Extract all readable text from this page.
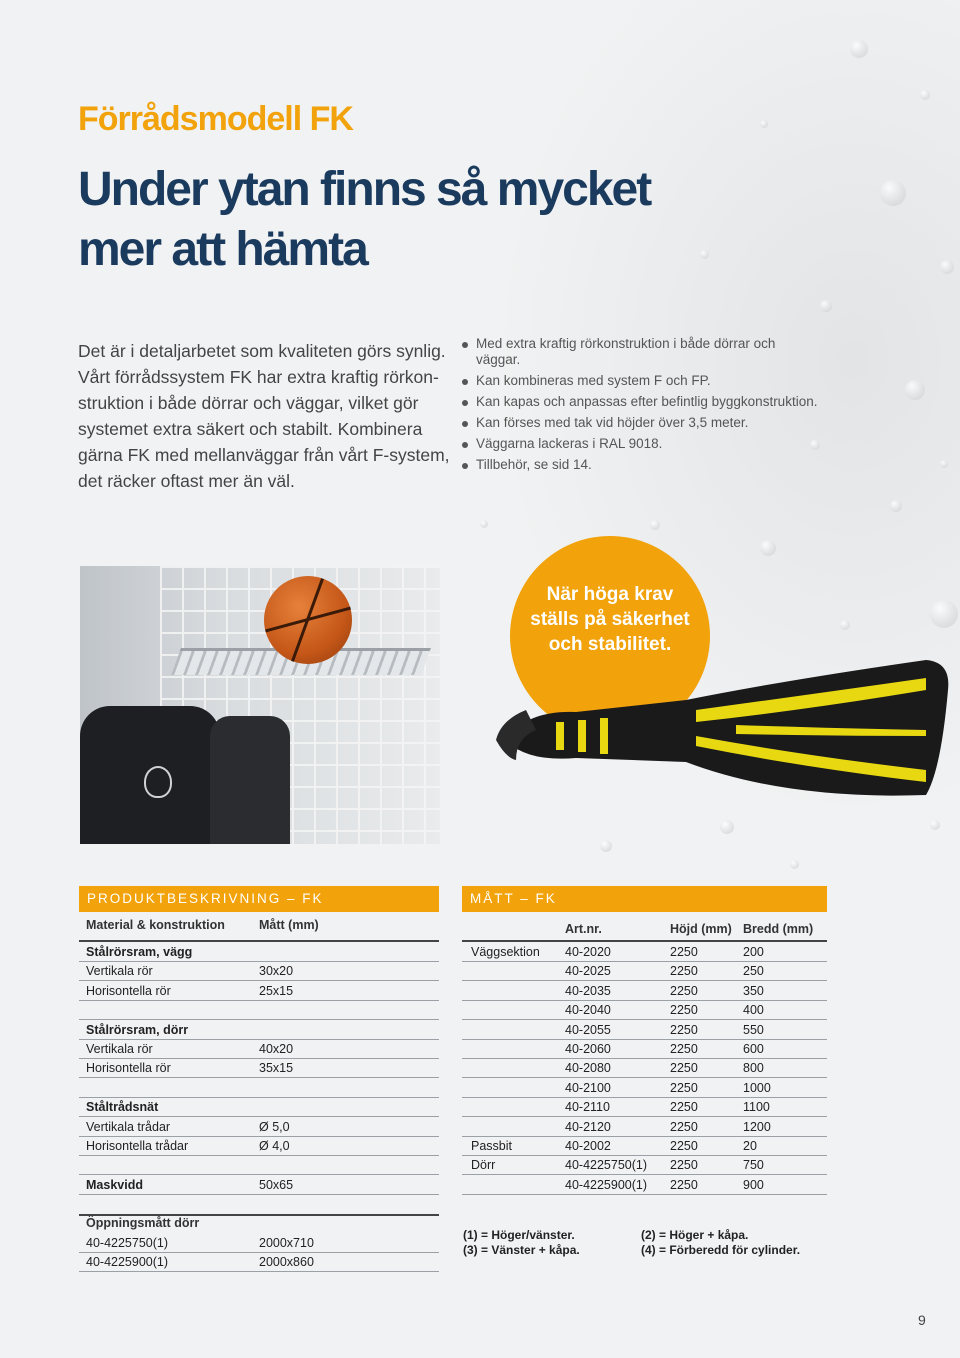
Förrådsmodell FK
Under ytan finns så mycket
mer att hämta

Det är i detaljarbetet som kvaliteten görs synlig.
Vårt förrådssystem FK har extra kraftig rörkon-
struktion i både dörrar och väggar, vilket gör
systemet extra säkert och stabilt. Kombinera
gärna FK med mellanväggar från vårt F-system,
det räcker oftast mer än väl.

Med extra kraftig rörkonstruktion i både dörrar och väggar.
Kan kombineras med system F och FP.
Kan kapas och anpassas efter befintlig byggkonstruktion.
Kan förses med tak vid höjder över 3,5 meter.
Väggarna lackeras i RAL 9018.
Tillbehör, se sid 14.

När höga krav
ställs på säkerhet
och stabilitet.

PRODUKTBESKRIVNING – FK
Material & konstruktion	Mått (mm)
Stålrörsram, vägg
Vertikala rör	30x20
Horisontella rör	25x15
Stålrörsram, dörr
Vertikala rör	40x20
Horisontella rör	35x15
Ståltrådsnät
Vertikala trådar	Ø 5,0
Horisontella trådar	Ø 4,0
Maskvidd	50x65
Öppningsmått dörr
40-4225750(1)	2000x710
40-4225900(1)	2000x860
MÅTT – FK
Art.nr.	Höjd (mm) Bredd (mm)
Väggsektion 40-2020	2250	200
40-2025	2250	250
40-2035	2250	350
40-2040	2250	400
40-2055	2250	550
40-2060	2250	600
40-2080	2250	800
40-2100	2250	1000
40-2110	2250	1100
40-2120	2250	1200
Passbit	40-2002	2250	20
Dörr	40-4225750(1) 2250	750
40-4225900(1) 2250	900
(1) = Höger/vänster.
(3) = Vänster + kåpa.
(2) = Höger + kåpa.
(4) = Förberedd för cylinder.
9
